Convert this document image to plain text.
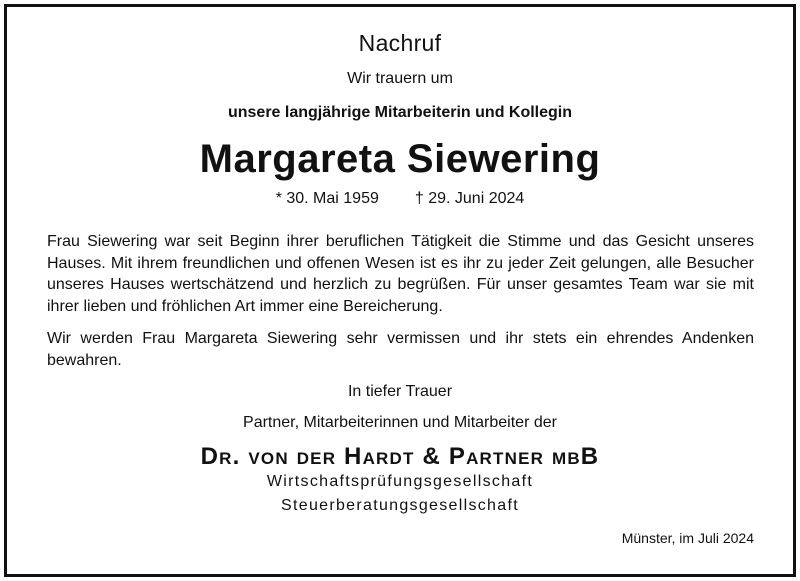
Nachruf
Wir trauern um
unsere langjährige Mitarbeiterin und Kollegin
Margareta Siewering
* 30. Mai 1959 † 29. Juni 2024
Frau Siewering war seit Beginn ihrer beruflichen Tätigkeit die Stimme und das Gesicht unseres Hauses. Mit ihrem freundlichen und offenen Wesen ist es ihr zu jeder Zeit gelungen, alle Besucher unseres Hauses wertschätzend und herzlich zu begrüßen. Für unser gesamtes Team war sie mit ihrer lieben und fröhlichen Art immer eine Bereicherung.
Wir werden Frau Margareta Siewering sehr vermissen und ihr stets ein ehrendes Andenken bewahren.
In tiefer Trauer
Partner, Mitarbeiterinnen und Mitarbeiter der
Dr. von der Hardt & Partner mbB
Wirtschaftsprüfungsgesellschaft
Steuerberatungsgesellschaft
Münster, im Juli 2024
